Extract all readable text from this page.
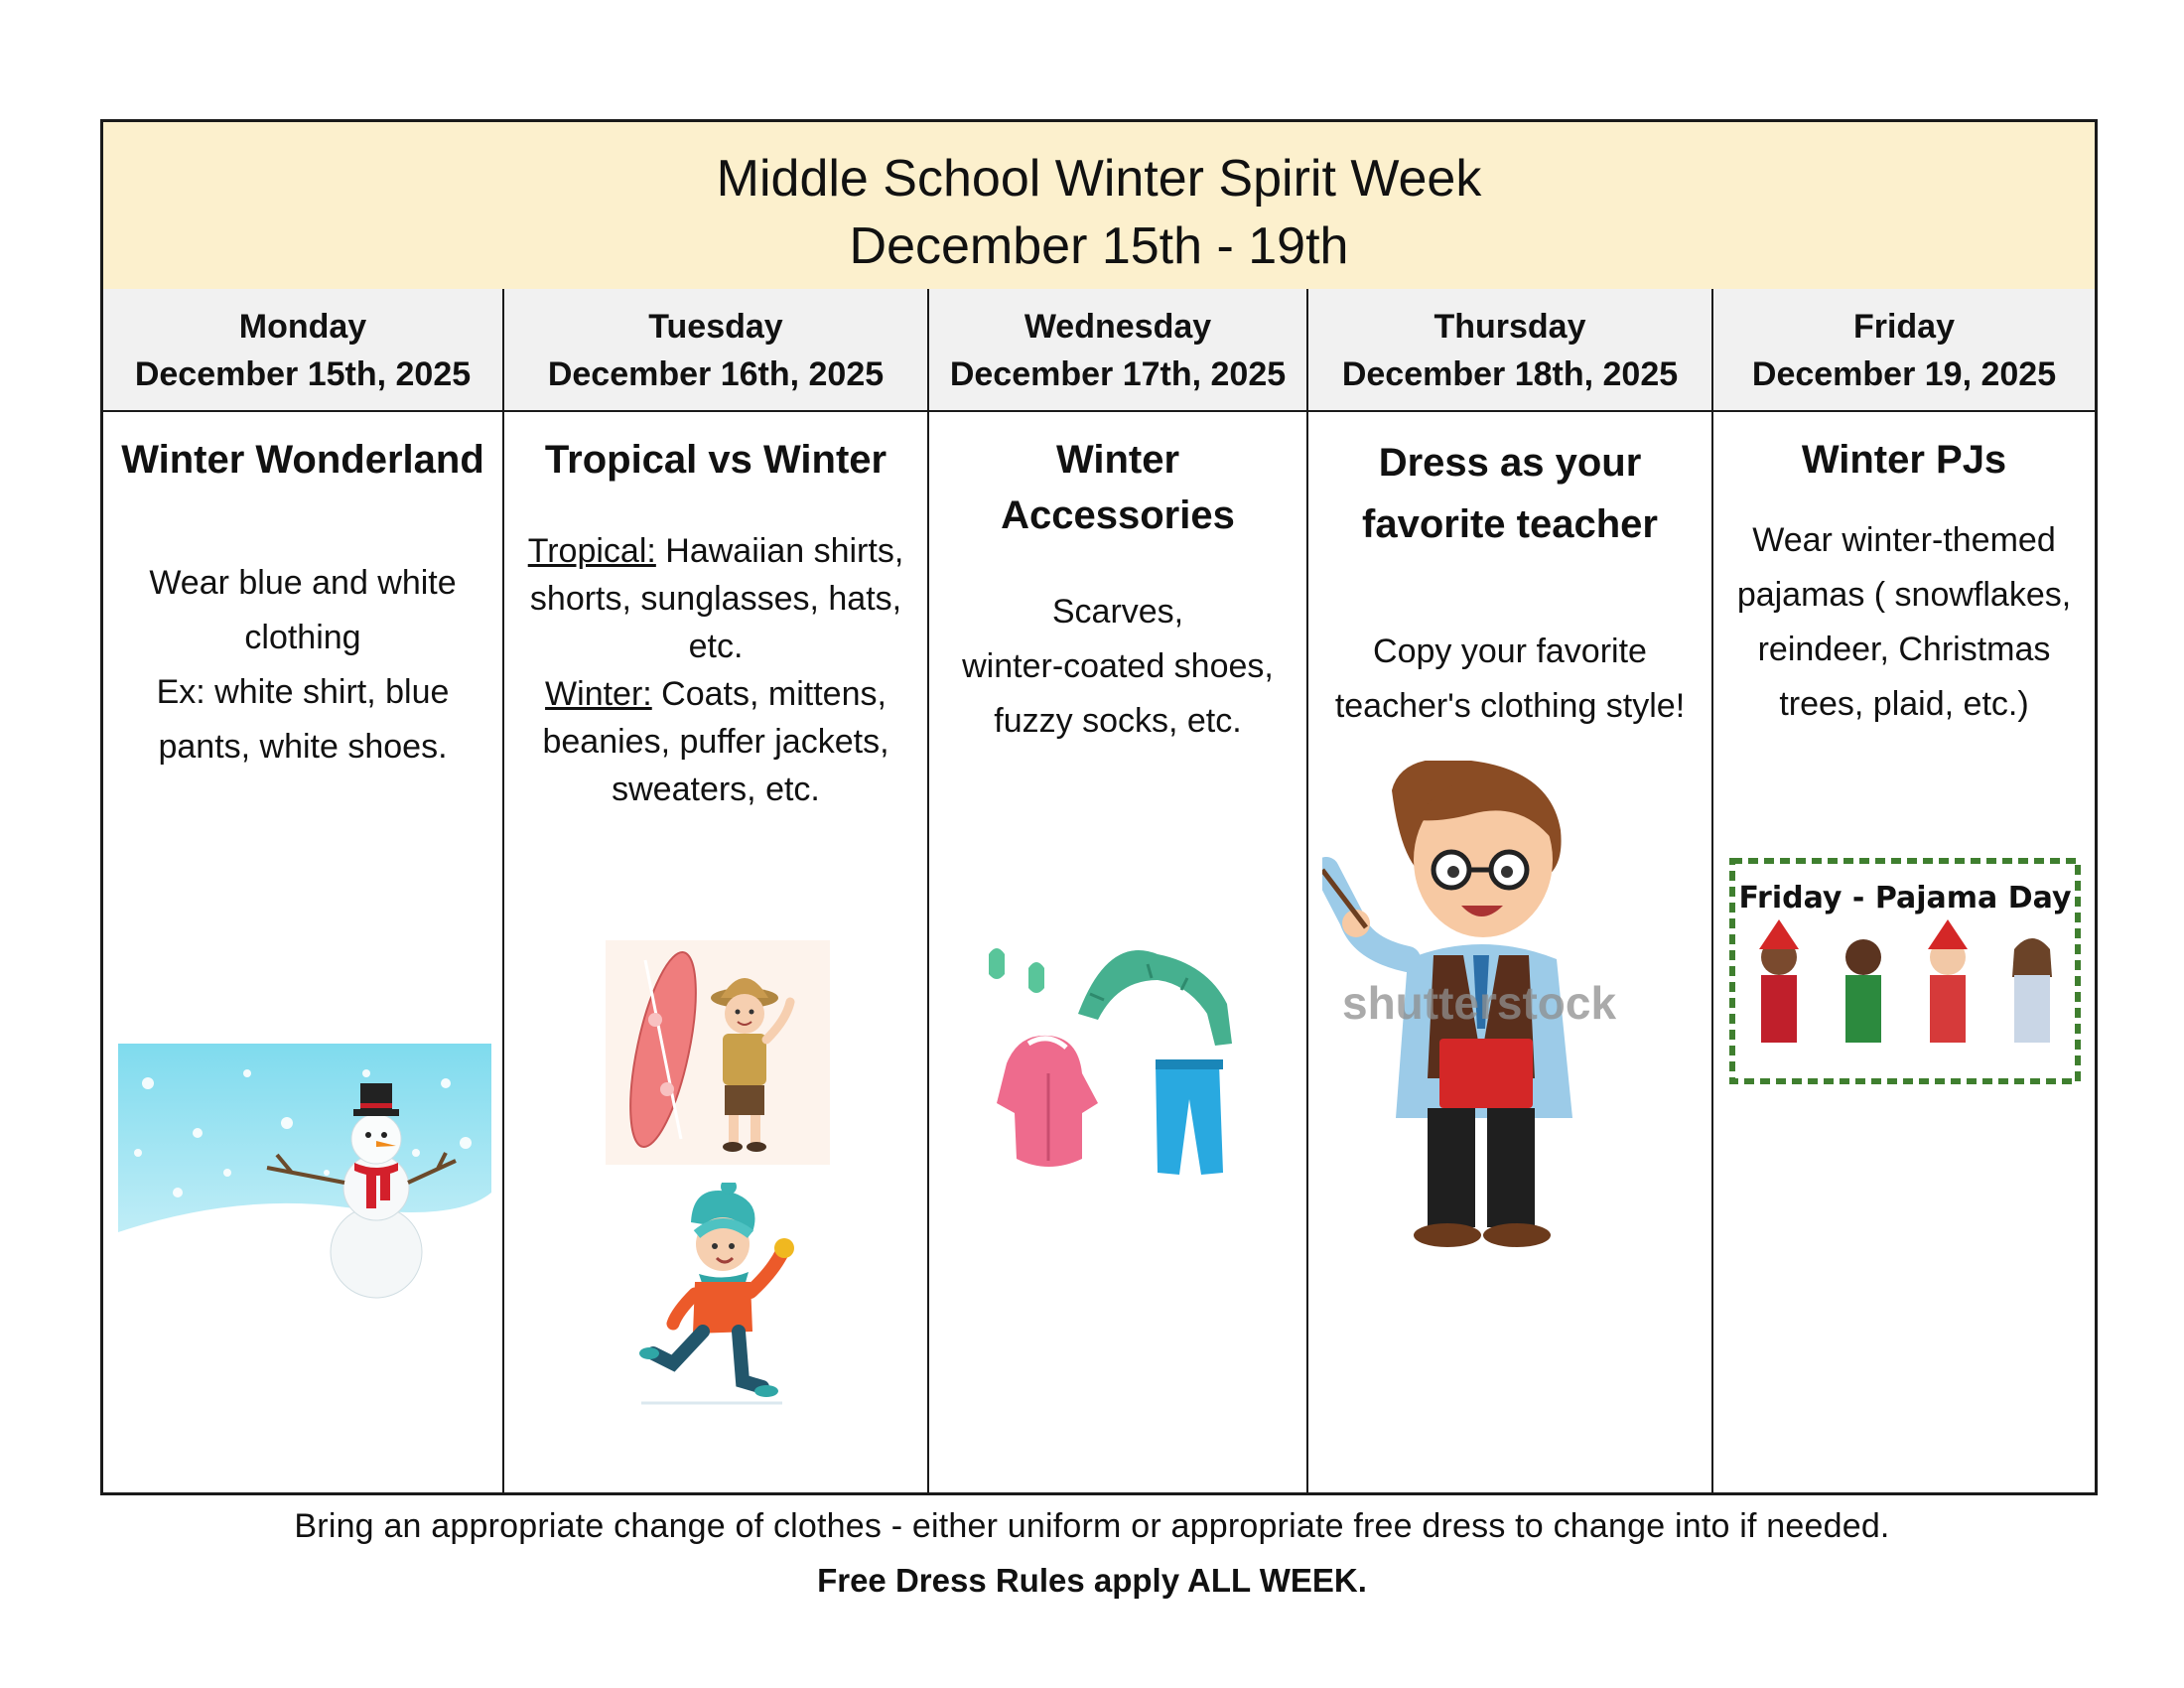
Middle School Winter Spirit Week
December 15th - 19th
Monday
December 15th, 2025
Winter Wonderland
Wear blue and white
clothing
Ex: white shirt, blue
pants, white shoes.
Tuesday
December 16th, 2025
Tropical vs Winter
Tropical: Hawaiian shirts,
shorts, sunglasses, hats,
etc.
Winter: Coats, mittens,
beanies, puffer jackets,
sweaters, etc.
Wednesday
December 17th, 2025
Winter
Accessories
Scarves,
winter-coated shoes,
fuzzy socks, etc.
Thursday
December 18th, 2025
Dress as your
favorite teacher
Copy your favorite
teacher's clothing style!
shutterstock
Friday
December 19, 2025
Winter PJs
Wear winter-themed
pajamas ( snowflakes,
reindeer, Christmas
trees, plaid, etc.)
Friday - Pajama Day
Bring an appropriate change of clothes - either uniform or appropriate free dress to change into if needed.
Free Dress Rules apply ALL WEEK.
